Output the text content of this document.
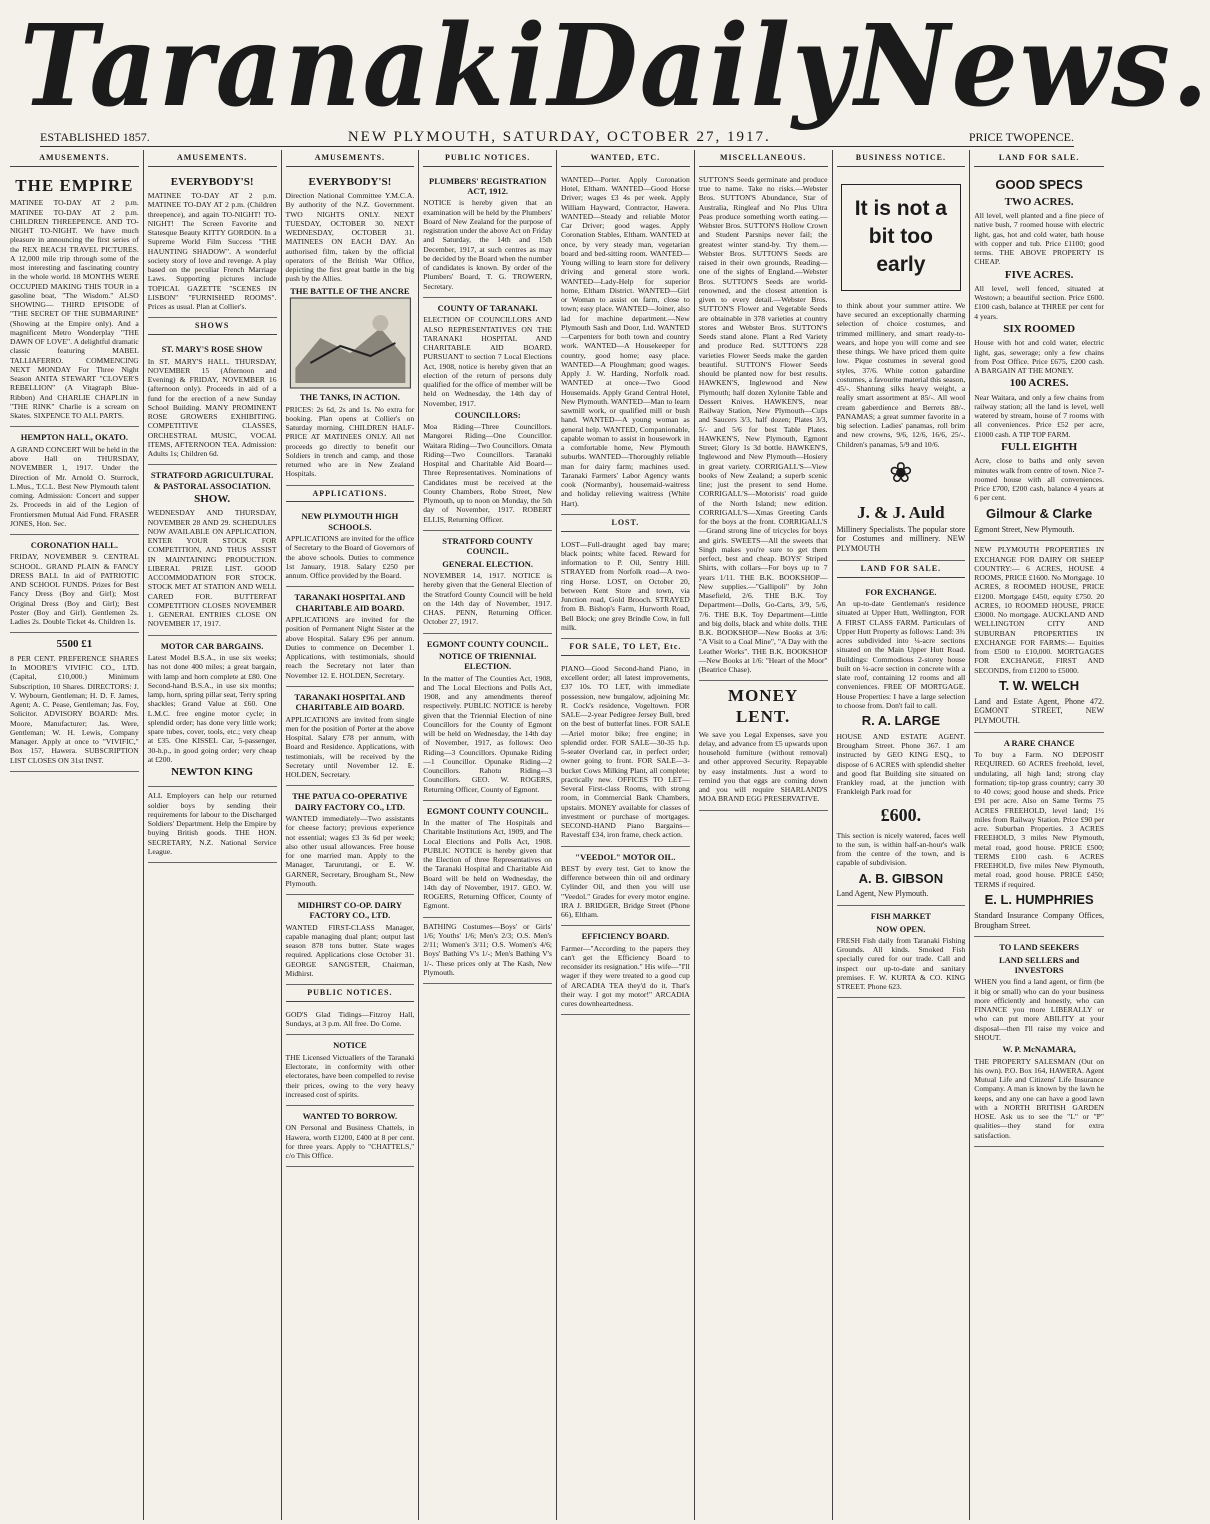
Taranaki Daily News.
ESTABLISHED 1857.	NEW PLYMOUTH, SATURDAY, OCTOBER 27, 1917.	PRICE TWOPENCE.
AMUSEMENTS.
THE EMPIRE

MATINEE TO-DAY AT 2 p.m. MATINEE TO-DAY AT 2 p.m. CHILDREN THREEPENCE. AND TO-NIGHT TO-NIGHT. We have much pleasure in announcing the first series of the REX BEACH TRAVEL PICTURES. A 12,000 mile trip through some of the most interesting and fascinating country in the whole world. 18 MONTHS WERE OCCUPIED MAKING THIS TOUR in a gasoline boat, "The Wisdom." ALSO SHOWING— THIRD EPISODE of "THE SECRET OF THE SUBMARINE" (Showing at the Empire only). And a magnificent Metro Wonderplay "THE DAWN OF LOVE". A delightful dramatic classic featuring MABEL TALLIAFERRO. COMMENCING NEXT MONDAY For Three Night Season ANITA STEWART "CLOVER'S REBELLION" (A Vitagraph Blue-Ribbon) And CHARLIE CHAPLIN in "THE RINK" Charlie is a scream on Skates. SIXPENCE TO ALL PARTS.

HEMPTON HALL, OKATO.

A GRAND CONCERT Will be held in the above Hall on THURSDAY, NOVEMBER 1, 1917. Under the Direction of Mr. Arnold O. Sturrock, L.Mus., T.C.L. Best New Plymouth talent coming. Admission: Concert and supper 2s. Proceeds in aid of the Legion of Frontiersmen Mutual Aid Fund. FRASER JONES, Hon. Sec.

CORONATION HALL.

FRIDAY, NOVEMBER 9. CENTRAL SCHOOL. GRAND PLAIN & FANCY DRESS BALL In aid of PATRIOTIC AND SCHOOL FUNDS. Prizes for Best Fancy Dress (Boy and Girl); Most Original Dress (Boy and Girl); Best Poster (Boy and Girl). Gentlemen 2s. Ladies 2s. Double Ticket 4s. Children 1s.

5500 £1

8 PER CENT. PREFERENCE SHARES In MOORE'S VIVIFIC CO., LTD. (Capital, £10,000.) Minimum Subscription, 10 Shares. DIRECTORS: J. V. Wybourn, Gentleman; H. D. F. James, Agent; A. C. Pease, Gentleman; Jas. Foy, Solicitor. ADVISORY BOARD: Mrs. Moore, Manufacturer; Jas. Were, Gentleman; W. H. Lewis, Company Manager. Apply at once to "VIVIFIC," Box 157, Hawera. SUBSCRIPTION LIST CLOSES ON 31st INST.

AMUSEMENTS.
EVERYBODY'S!

MATINEE TO-DAY AT 2 p.m. MATINEE TO-DAY AT 2 p.m. (Children threepence), and again TO-NIGHT! TO-NIGHT! The Screen Favorite and Statesque Beauty KITTY GORDON. In a Supreme World Film Success "THE HAUNTING SHADOW". A wonderful society story of love and revenge. A play based on the peculiar French Marriage Laws. Supporting pictures include TOPICAL GAZETTE "SCENES IN LISBON" "FURNISHED ROOMS". Prices as usual. Plan at Collier's.

SHOWS
ST. MARY'S ROSE SHOW

In ST. MARY'S HALL. THURSDAY, NOVEMBER 15 (Afternoon and Evening) & FRIDAY, NOVEMBER 16 (afternoon only). Proceeds in aid of a fund for the erection of a new Sunday School Building. MANY PROMINENT ROSE GROWERS EXHIBITING. COMPETITIVE CLASSES, ORCHESTRAL MUSIC, VOCAL ITEMS, AFTERNOON TEA. Admission: Adults 1s; Children 6d.

STRATFORD AGRICULTURAL & PASTORAL ASSOCIATION.
SHOW.

WEDNESDAY AND THURSDAY, NOVEMBER 28 AND 29. SCHEDULES NOW AVAILABLE ON APPLICATION. ENTER YOUR STOCK FOR COMPETITION, AND THUS ASSIST IN MAINTAINING PRODUCTION. LIBERAL PRIZE LIST. GOOD ACCOMMODATION FOR STOCK. STOCK MET AT STATION AND WELL CARED FOR. BUTTERFAT COMPETITION CLOSES NOVEMBER 1. GENERAL ENTRIES CLOSE ON NOVEMBER 17, 1917.

MOTOR CAR BARGAINS.

Latest Model B.S.A., in use six weeks; has not done 400 miles; a great bargain, with lamp and horn complete at £80. One Second-hand B.S.A., in use six months; lamp, horn, spring pillar seat, Terry spring shackles; Grand Value at £60. One L.M.C. free engine motor cycle; in splendid order; has done very little work; spare tubes, cover, tools, etc.; very cheap at £35. One KISSEL Car, 5-passenger, 30-h.p., in good going order; very cheap at £200.

NEWTON KING

ALL Employers can help our returned soldier boys by sending their requirements for labour to the Discharged Soldiers' Department. Help the Empire by buying British goods. THE HON. SECRETARY, N.Z. National Service League.

AMUSEMENTS.
EVERYBODY'S!

Direction National Committee Y.M.C.A. By authority of the N.Z. Government. TWO NIGHTS ONLY. NEXT TUESDAY, OCTOBER 30. NEXT WEDNESDAY, OCTOBER 31. MATINEES ON EACH DAY. An authorised film, taken by the official operators of the British War Office, depicting the first great battle in the big push by the Allies.

THE BATTLE OF THE ANCRE
THE TANKS, IN ACTION.

PRICES: 2s 6d, 2s and 1s. No extra for booking. Plan opens at Collier's on Saturday morning. CHILDREN HALF-PRICE AT MATINEES ONLY. All net proceeds go directly to benefit our Soldiers in trench and camp, and those returned who are in New Zealand Hospitals.

APPLICATIONS.
NEW PLYMOUTH HIGH SCHOOLS.

APPLICATIONS are invited for the office of Secretary to the Board of Governors of the above schools. Duties to commence 1st January, 1918. Salary £250 per annum. Office provided by the Board.

TARANAKI HOSPITAL AND CHARITABLE AID BOARD.

APPLICATIONS are invited for the position of Permanent Night Sister at the above Hospital. Salary £96 per annum. Duties to commence on December 1. Applications, with testimonials, should reach the Secretary not later than November 12. E. HOLDEN, Secretary.

TARANAKI HOSPITAL AND CHARITABLE AID BOARD.

APPLICATIONS are invited from single men for the position of Porter at the above Hospital. Salary £78 per annum, with Board and Residence. Applications, with testimonials, will be received by the Secretary until November 12. E. HOLDEN, Secretary.

THE PATUA CO-OPERATIVE DAIRY FACTORY CO., LTD.

WANTED immediately—Two assistants for cheese factory; previous experience not essential; wages £3 3s 6d per week; also other usual allowances. Free house for one married man. Apply to the Manager, Tarurutangi, or E. W. GARNER, Secretary, Brougham St., New Plymouth.

MIDHIRST CO-OP. DAIRY FACTORY CO., LTD.

WANTED FIRST-CLASS Manager, capable managing dual plant; output last season 878 tons butter. State wages required. Applications close October 31. GEORGE SANGSTER, Chairman, Midhirst.

PUBLIC NOTICES.

GOD'S Glad Tidings—Fitzroy Hall, Sundays, at 3 p.m. All free. Do Come.

NOTICE

THE Licensed Victuallers of the Taranaki Electorate, in conformity with other electorates, have been compelled to revise their prices, owing to the very heavy increased cost of spirits.

WANTED TO BORROW.

ON Personal and Business Chattels, in Hawera, worth £1200, £400 at 8 per cent. for three years. Apply to "CHATTELS," c/o This Office.

PUBLIC NOTICES.
PLUMBERS' REGISTRATION ACT, 1912.

NOTICE is hereby given that an examination will be held by the Plumbers' Board of New Zealand for the purpose of registration under the above Act on Friday and Saturday, the 14th and 15th December, 1917, at such centres as may be decided by the Board when the number of candidates is known. By order of the Plumbers' Board, T. G. TROWERN, Secretary.

COUNTY OF TARANAKI.

ELECTION OF COUNCILLORS AND ALSO REPRESENTATIVES ON THE TARANAKI HOSPITAL AND CHARITABLE AID BOARD. PURSUANT to section 7 Local Elections Act, 1908, notice is hereby given that an election of the return of persons duly qualified for the office of member will be held on Wednesday, the 14th day of November, 1917.

COUNCILLORS:

Moa Riding—Three Councillors. Mangorei Riding—One Councillor. Waitara Riding—Two Councillors. Omata Riding—Two Councillors. Taranaki Hospital and Charitable Aid Board—Three Representatives. Nominations of Candidates must be received at the County Chambers, Robe Street, New Plymouth, up to noon on Monday, the 5th day of November, 1917. ROBERT ELLIS, Returning Officer.

STRATFORD COUNTY COUNCIL.
GENERAL ELECTION.

NOVEMBER 14, 1917. NOTICE is hereby given that the General Election of the Stratford County Council will be held on the 14th day of November, 1917. CHAS. PENN, Returning Officer. October 27, 1917.

EGMONT COUNTY COUNCIL.
NOTICE OF TRIENNIAL ELECTION.

In the matter of The Counties Act, 1908, and The Local Elections and Polls Act, 1908, and any amendments thereof respectively. PUBLIC NOTICE is hereby given that the Triennial Election of nine Councillors for the County of Egmont will be held on Wednesday, the 14th day of November, 1917, as follows: Oeo Riding—3 Councillors. Opunake Riding—1 Councillor. Opunake Riding—2 Councillors. Rahotu Riding—3 Councillors. GEO. W. ROGERS, Returning Officer, County of Egmont.

EGMONT COUNTY COUNCIL.

In the matter of The Hospitals and Charitable Institutions Act, 1909, and The Local Elections and Polls Act, 1908. PUBLIC NOTICE is hereby given that the Election of three Representatives on the Taranaki Hospital and Charitable Aid Board will be held on Wednesday, the 14th day of November, 1917. GEO. W. ROGERS, Returning Officer, County of Egmont.

BATHING Costumes—Boys' or Girls' 1/6; Youths' 1/6; Men's 2/3; O.S. Men's 2/11; Women's 3/11; O.S. Women's 4/6; Boys' Bathing V's 1/-; Men's Bathing V's 1/-. These prices only at The Kash, New Plymouth.

WANTED, ETC.

WANTED—Porter. Apply Coronation Hotel, Eltham. WANTED—Good Horse Driver; wages £3 4s per week. Apply William Hayward, Contractor, Hawera. WANTED—Steady and reliable Motor Car Driver; good wages. Apply Coronation Stables, Eltham. WANTED at once, by very steady man, vegetarian board and bed-sitting room. WANTED—Young willing to learn store for delivery driving and general store work. WANTED—Lady-Help for superior home, Eltham District. WANTED—Girl or Woman to assist on farm, close to town; easy place. WANTED—Joiner, also lad for machine department.—New Plymouth Sash and Door, Ltd. WANTED—Carpenters for both town and country work. WANTED—A Housekeeper for country, good home; easy place. WANTED—A Ploughman; good wages. Apply J. W. Harding, Norfolk road. WANTED at once—Two Good Housemaids. Apply Grand Central Hotel, New Plymouth. WANTED—Man to learn sawmill work, or qualified mill or bush hand. WANTED—A young woman as general help. WANTED, Companionable, capable woman to assist in housework in a comfortable home, New Plymouth suburbs. WANTED—Thoroughly reliable man for dairy farm; machines used. Taranaki Farmers' Labor Agency wants cook (Normanby), housemaid-waitress and holiday relieving waitress (White Hart).

LOST.

LOST—Full-draught aged bay mare; black points; white faced. Reward for information to P. Oil, Sentry Hill. STRAYED from Norfolk road—A two-ring Horse. LOST, on October 20, between Kent Store and town, via Junction road, Gold Brooch. STRAYED from B. Bishop's Farm, Hurworth Road, Bell Block; one grey Brindle Cow, in full milk.

FOR SALE, TO LET, Etc.

PIANO—Good Second-hand Piano, in excellent order; all latest improvements, £37 10s. TO LET, with immediate possession, new bungalow, adjoining Mr. R. Cock's residence, Vogeltown. FOR SALE—2-year Pedigree Jersey Bull, bred on the best of butterfat lines. FOR SALE—Ariel motor bike; free engine; in splendid order. FOR SALE—30-35 h.p. 5-seater Overland car, in perfect order; owner going to front. FOR SALE—3-bucket Cows Milking Plant, all complete; practically new. OFFICES TO LET—Several First-class Rooms, with strong room, in Commercial Bank Chambers, upstairs. MONEY available for classes of investment or purchase of mortgages. SECOND-HAND Piano Bargains—Ravestaff £34, iron frame, check action.

"VEEDOL" MOTOR OIL.

BEST by every test. Get to know the difference between thin oil and ordinary Cylinder Oil, and then you will use "Veedol." Grades for every motor engine. IRA J. BRIDGER, Bridge Street (Phone 66), Eltham.

EFFICIENCY BOARD.

Farmer—"According to the papers they can't get the Efficiency Board to reconsider its resignation." His wife—"I'll wager if they were treated to a good cup of ARCADIA TEA they'd do it. That's their way. I got my motor!" ARCADIA cures downheartedness.

MISCELLANEOUS.

SUTTON'S Seeds germinate and produce true to name. Take no risks.—Webster Bros. SUTTON'S Abundance, Star of Australia, Ringleaf and No Plus Ultra Peas produce something worth eating.—Webster Bros. SUTTON'S Hollow Crown and Student Parsnips never fail; the greatest winter stand-by. Try them.—Webster Bros. SUTTON'S Seeds are raised in their own grounds, Reading—one of the sights of England.—Webster Bros. SUTTON'S Seeds are world-renowned, and the closest attention is given to every detail.—Webster Bros. SUTTON'S Flower and Vegetable Seeds are obtainable in 378 varieties at country stores and Webster Bros. SUTTON'S Seeds stand alone. Plant a Red Variety and produce Red. SUTTON'S 228 varieties Flower Seeds make the garden beautiful. SUTTON'S Flower Seeds should be planted now for best results. HAWKEN'S, Inglewood and New Plymouth; half dozen Xylonite Table and Dessert Knives. HAWKEN'S, near Railway Station, New Plymouth—Cups and Saucers 3/3, half dozen; Plates 3/3, 5/- and 5/6 for best Table Plates. HAWKEN'S, New Plymouth, Egmont Street; Glory 1s 3d bottle. HAWKEN'S, Inglewood and New Plymouth—Hosiery in great variety. CORRIGALL'S—View books of New Zealand; a superb scenic line; just the present to send Home. CORRIGALL'S—Motorists' road guide of the North Island; new edition. CORRIGALL'S—Xmas Greeting Cards for the boys at the front. CORRIGALL'S—Grand strong line of tricycles for boys and girls. SWEETS—All the sweets that Singh makes you're sure to get them perfect, best and cheap. BOYS' Striped Shirts, with collars—For boys up to 7 years 1/11. THE B.K. BOOKSHOP—New supplies.—"Gallipoli" by John Masefield, 2/6. THE B.K. Toy Department—Dolls, Go-Carts, 3/9, 5/6, 7/6. THE B.K. Toy Department—Little and big dolls, black and white dolls. THE B.K. BOOKSHOP—New Books at 3/6: "A Visit to a Coal Mine", "A Day with the Leather Works". THE B.K. BOOKSHOP—New Books at 1/6: "Heart of the Moor" (Beatrice Chase).

MONEY LENT.

We save you Legal Expenses, save you delay, and advance from £5 upwards upon household furniture (without removal) and other approved Security. Repayable by easy instalments. Just a word to remind you that eggs are coming down and you will require SHARLAND'S MOA BRAND EGG PRESERVATIVE.

BUSINESS NOTICE.
It is not a
bit too early

to think about your summer attire. We have secured an exceptionally charming selection of choice costumes, and trimmed millinery, and smart ready-to-wears, and hope you will come and see these things. We have priced them quite low. Pique costumes in several good styles, 37/6. White cotton gabardine costumes, a favourite material this season, 45/-. Shantung silks heavy weight, a really smart assortment at 85/-. All wool cream gaberdience and Berrets 88/-. PANAMAS; a great summer favorite in a big selection. Ladies' panamas, roll brim and new crowns, 9/6, 12/6, 16/6, 25/-. Children's panamas, 5/9 and 10/6.

❀
J. & J. Auld

Millinery Specialists. The popular store for Costumes and millinery. NEW PLYMOUTH

LAND FOR SALE.
FOR EXCHANGE.

An up-to-date Gentleman's residence situated at Upper Hutt, Wellington, FOR A FIRST CLASS FARM. Particulars of Upper Hutt Property as follows: Land: 3¾ acres subdivided into ¼-acre sections situated on the Main Upper Hutt Road. Buildings: Commodious 2-storey house built on ¼-acre section in concrete with a slate roof, containing 12 rooms and all conveniences. FREE OF MORTGAGE. House Properties: I have a large selection to choose from. Don't fail to call.

R. A. LARGE

HOUSE AND ESTATE AGENT. Brougham Street. Phone 367. I am instructed by GEO KING ESQ., to dispose of 6 ACRES with splendid shelter and good flat Building site situated on Frankley road, at the junction with Frankleigh Park road for

£600.

This section is nicely watered, faces well to the sun, is within half-an-hour's walk from the centre of the town, and is capable of subdivision.

A. B. GIBSON

Land Agent, New Plymouth.

FISH MARKET
NOW OPEN.

FRESH Fish daily from Taranaki Fishing Grounds. All kinds. Smoked Fish specially cured for our trade. Call and inspect our up-to-date and sanitary premises. F. W. KURTA & CO. KING STREET. Phone 623.

LAND FOR SALE.
GOOD SPECS
TWO ACRES.

All level, well planted and a fine piece of native bush, 7 roomed house with electric light, gas, hot and cold water, bath house with copper and tub. Price £1100; good terms. THE ABOVE PROPERTY IS CHEAP.

FIVE ACRES.

All level, well fenced, situated at Westown; a beautiful section. Price £600. £100 cash, balance at THREE per cent for 4 years.

SIX ROOMED

House with hot and cold water, electric light, gas, sewerage; only a few chains from Post Office. Price £675, £200 cash. A BARGAIN AT THE MONEY.

100 ACRES.

Near Waitara, and only a few chains from railway station; all the land is level, well watered by stream, house of 7 rooms with all conveniences. Price £52 per acre, £1000 cash. A TIP TOP FARM.

FULL EIGHTH

Acre, close to baths and only seven minutes walk from centre of town. Nice 7-roomed house with all conveniences. Price £700, £200 cash, balance 4 years at 6 per cent.

Gilmour & Clarke

Egmont Street, New Plymouth.

NEW PLYMOUTH PROPERTIES IN EXCHANGE FOR DAIRY OR SHEEP COUNTRY:— 6 ACRES, HOUSE 4 ROOMS, PRICE £1600. No Mortgage. 10 ACRES, 8 ROOMED HOUSE, PRICE £1200. Mortgage £450, equity £750. 20 ACRES, 10 ROOMED HOUSE, PRICE £3000. No mortgage. AUCKLAND AND WELLINGTON CITY AND SUBURBAN PROPERTIES IN EXCHANGE FOR FARMS:— Equities from £500 to £10,000. MORTGAGES FOR EXCHANGE, FIRST AND SECONDS, from £1200 to £5000.

T. W. WELCH

Land and Estate Agent, Phone 472. EGMONT STREET, NEW PLYMOUTH.

A RARE CHANCE

To buy a Farm. NO DEPOSIT REQUIRED. 60 ACRES freehold, level, undulating, all high land; strong clay formation; tip-top grass country; carry 30 to 40 cows; good house and sheds. Price £91 per acre. Also on Same Terms 75 ACRES FREEHOLD, level land; 1½ miles from Railway Station. Price £90 per acre. Suburban Properties. 3 ACRES FREEHOLD, 3 miles New Plymouth, metal road, good house. PRICE £500; TERMS £100 cash. 6 ACRES FREEHOLD, five miles New Plymouth, metal road, good house. PRICE £450; TERMS if required.

E. L. HUMPHRIES

Standard Insurance Company Offices, Brougham Street.

TO LAND SEEKERS
LAND SELLERS and INVESTORS

WHEN you find a land agent, or firm (be it big or small) who can do your business more efficiently and honestly, who can FINANCE you more LIBERALLY or who can put more ABILITY at your disposal—then I'll raise my voice and SHOUT.

W. P. McNAMARA,

THE PROPERTY SALESMAN (Out on his own). P.O. Box 164, HAWERA. Agent Mutual Life and Citizens' Life Insurance Company. A man is known by the lawn he keeps, and any one can have a good lawn with a NORTH BRITISH GARDEN HOSE. Ask us to see the "L" or "P" qualities—they stand for extra satisfaction.
